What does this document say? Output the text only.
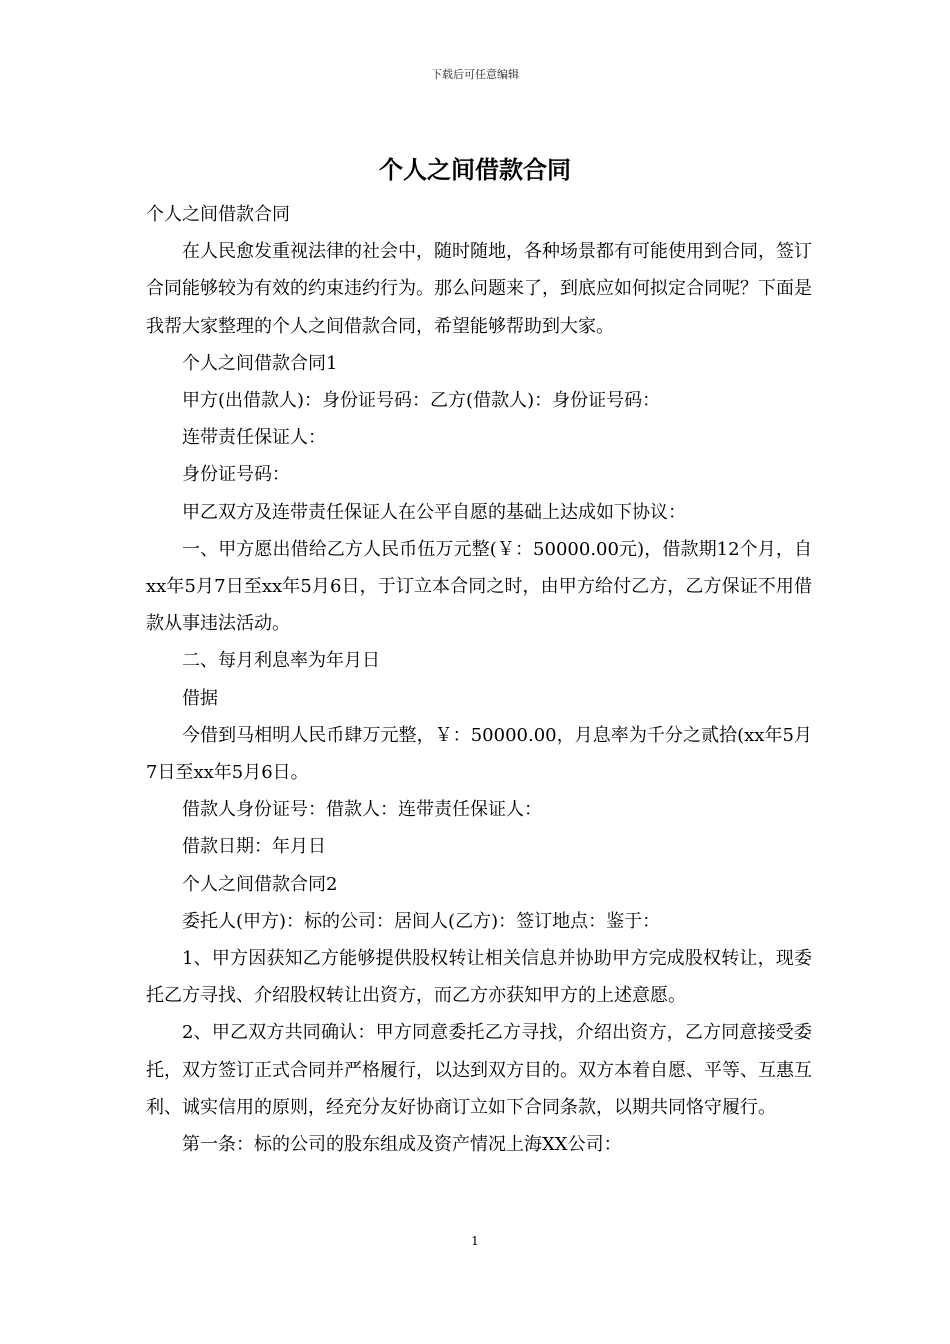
下载后可任意编辑
个人之间借款合同

个人之间借款合同

在人民愈发重视法律的社会中，随时随地，各种场景都有可能使用到合同，签订合同能够较为有效的约束违约行为。那么问题来了，到底应如何拟定合同呢？下面是我帮大家整理的个人之间借款合同，希望能够帮助到大家。

个人之间借款合同1

甲方(出借款人)：身份证号码：乙方(借款人)：身份证号码：

连带责任保证人：

身份证号码：

甲乙双方及连带责任保证人在公平自愿的基础上达成如下协议：

一、甲方愿出借给乙方人民币伍万元整(￥：50000.00元)，借款期12个月，自xx年5月7日至xx年5月6日，于订立本合同之时，由甲方给付乙方，乙方保证不用借款从事违法活动。

二、每月利息率为年月日

借据

今借到马相明人民币肆万元整，￥：50000.00，月息率为千分之贰拾(xx年5月7日至xx年5月6日。

借款人身份证号：借款人：连带责任保证人：

借款日期：年月日

个人之间借款合同2

委托人(甲方)：标的公司：居间人(乙方)：签订地点：鉴于：

1、甲方因获知乙方能够提供股权转让相关信息并协助甲方完成股权转让，现委托乙方寻找、介绍股权转让出资方，而乙方亦获知甲方的上述意愿。

2、甲乙双方共同确认：甲方同意委托乙方寻找，介绍出资方，乙方同意接受委托，双方签订正式合同并严格履行，以达到双方目的。双方本着自愿、平等、互惠互利、诚实信用的原则，经充分友好协商订立如下合同条款，以期共同恪守履行。

第一条：标的公司的股东组成及资产情况上海XX公司：

1
